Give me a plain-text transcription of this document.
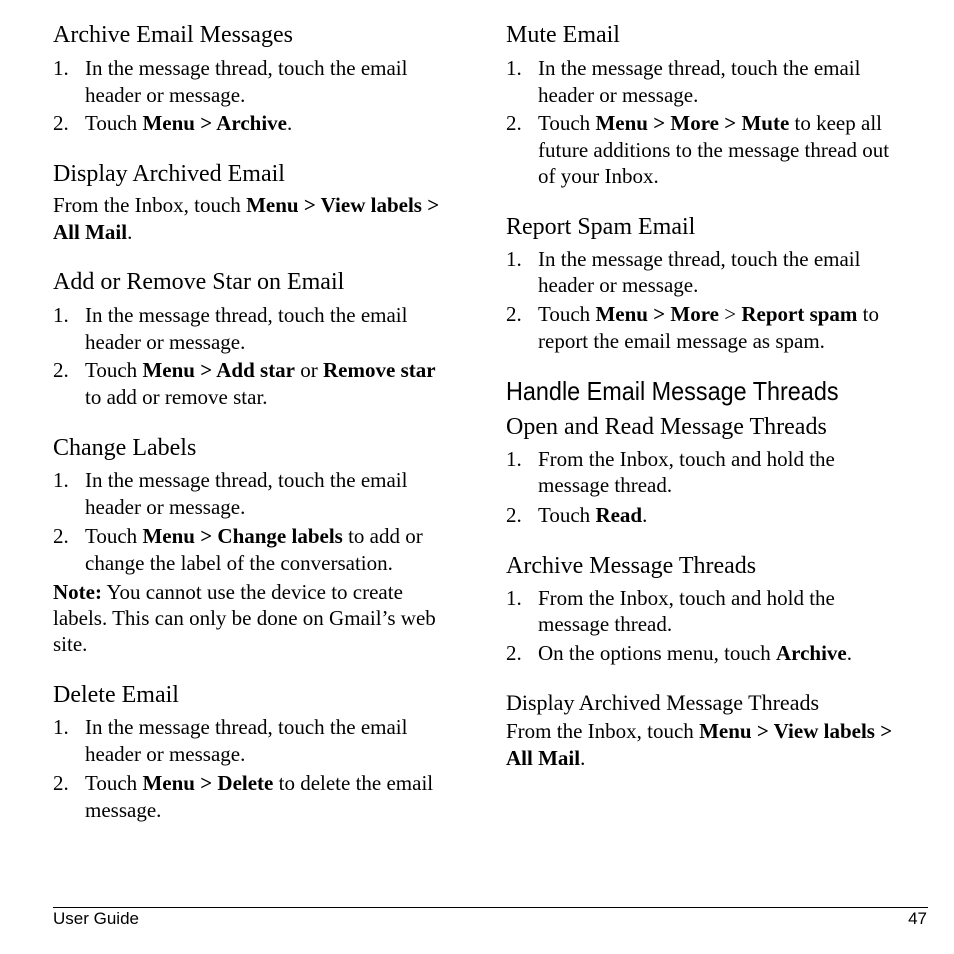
Archive Email Messages
1. In the message thread, touch the email
header or message.
2. Touch Menu > Archive.
Display Archived Email
From the Inbox, touch Menu > View labels >
All Mail.
Add or Remove Star on Email
1. In the message thread, touch the email
header or message.
2. Touch Menu > Add star or Remove star
to add or remove star.
Change Labels
1. In the message thread, touch the email
header or message.
2. Touch Menu > Change labels to add or
change the label of the conversation.
Note: You cannot use the device to create
labels. This can only be done on Gmail’s web
site.
Delete Email
1. In the message thread, touch the email
header or message.
2. Touch Menu > Delete to delete the email
message.
Mute Email
1. In the message thread, touch the email
header or message.
2. Touch Menu > More > Mute to keep all
future additions to the message thread out
of your Inbox.
Report Spam Email
1. In the message thread, touch the email
header or message.
2. Touch Menu > More > Report spam to
report the email message as spam.
Handle Email Message Threads
Open and Read Message Threads
1. From the Inbox, touch and hold the
message thread.
2. Touch Read.
Archive Message Threads
1. From the Inbox, touch and hold the
message thread.
2. On the options menu, touch Archive.
Display Archived Message Threads
From the Inbox, touch Menu > View labels >
All Mail.
User Guide	47
